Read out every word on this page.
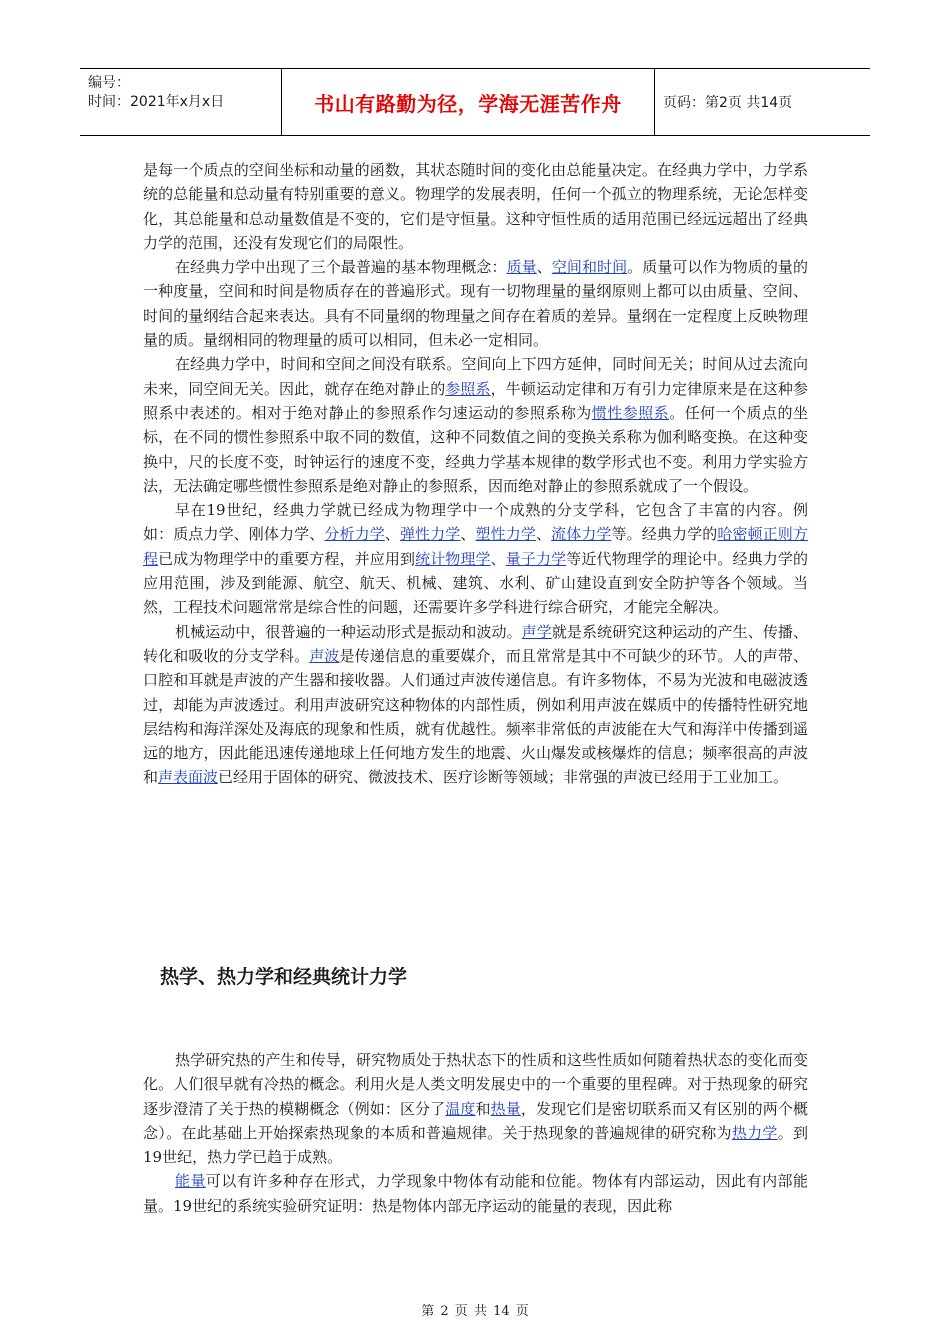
编号：
时间：2021年x月x日	书山有路勤为径，学海无涯苦作舟	页码：第2页 共14页

是每一个质点的空间坐标和动量的函数，其状态随时间的变化由总能量决定。在经典力学中，力学系统的总能量和总动量有特别重要的意义。物理学的发展表明，任何一个孤立的物理系统，无论怎样变化，其总能量和总动量数值是不变的，它们是守恒量。这种守恒性质的适用范围已经远远超出了经典力学的范围，还没有发现它们的局限性。

在经典力学中出现了三个最普遍的基本物理概念：质量、空间和时间。质量可以作为物质的量的一种度量，空间和时间是物质存在的普遍形式。现有一切物理量的量纲原则上都可以由质量、空间、时间的量纲结合起来表达。具有不同量纲的物理量之间存在着质的差异。量纲在一定程度上反映物理量的质。量纲相同的物理量的质可以相同，但未必一定相同。

在经典力学中，时间和空间之间没有联系。空间向上下四方延伸，同时间无关；时间从过去流向未来，同空间无关。因此，就存在绝对静止的参照系，牛顿运动定律和万有引力定律原来是在这种参照系中表述的。相对于绝对静止的参照系作匀速运动的参照系称为惯性参照系。任何一个质点的坐标，在不同的惯性参照系中取不同的数值，这种不同数值之间的变换关系称为伽利略变换。在这种变换中，尺的长度不变，时钟运行的速度不变，经典力学基本规律的数学形式也不变。利用力学实验方法，无法确定哪些惯性参照系是绝对静止的参照系，因而绝对静止的参照系就成了一个假设。

早在19世纪，经典力学就已经成为物理学中一个成熟的分支学科，它包含了丰富的内容。例如：质点力学、刚体力学、分析力学、弹性力学、塑性力学、流体力学等。经典力学的哈密顿正则方程已成为物理学中的重要方程，并应用到统计物理学、量子力学等近代物理学的理论中。经典力学的应用范围，涉及到能源、航空、航天、机械、建筑、水利、矿山建设直到安全防护等各个领域。当然，工程技术问题常常是综合性的问题，还需要许多学科进行综合研究，才能完全解决。

机械运动中，很普遍的一种运动形式是振动和波动。声学就是系统研究这种运动的产生、传播、转化和吸收的分支学科。声波是传递信息的重要媒介，而且常常是其中不可缺少的环节。人的声带、口腔和耳就是声波的产生器和接收器。人们通过声波传递信息。有许多物体，不易为光波和电磁波透过，却能为声波透过。利用声波研究这种物体的内部性质，例如利用声波在媒质中的传播特性研究地层结构和海洋深处及海底的现象和性质，就有优越性。频率非常低的声波能在大气和海洋中传播到遥远的地方，因此能迅速传递地球上任何地方发生的地震、火山爆发或核爆炸的信息；频率很高的声波和声表面波已经用于固体的研究、微波技术、医疗诊断等领域；非常强的声波已经用于工业加工。

热学、热力学和经典统计力学

热学研究热的产生和传导，研究物质处于热状态下的性质和这些性质如何随着热状态的变化而变化。人们很早就有冷热的概念。利用火是人类文明发展史中的一个重要的里程碑。对于热现象的研究逐步澄清了关于热的模糊概念（例如：区分了温度和热量，发现它们是密切联系而又有区别的两个概念）。在此基础上开始探索热现象的本质和普遍规律。关于热现象的普遍规律的研究称为热力学。到19世纪，热力学已趋于成熟。

能量可以有许多种存在形式，力学现象中物体有动能和位能。物体有内部运动，因此有内部能量。19世纪的系统实验研究证明：热是物体内部无序运动的能量的表现，因此称

第 2 页 共 14 页
